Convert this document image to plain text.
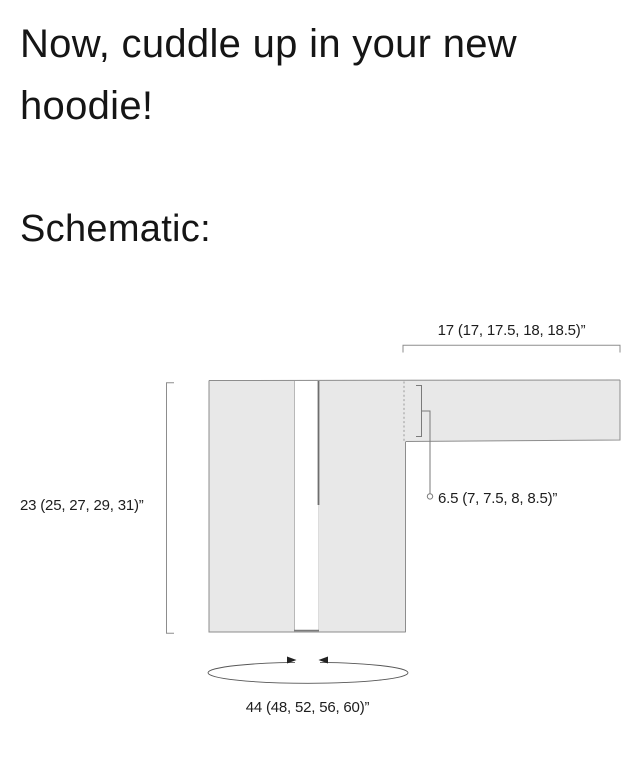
Now, cuddle up in your new
hoodie!
Schematic:
17 (17, 17.5, 18, 18.5)”
23 (25, 27, 29, 31)”	6.5 (7, 7.5, 8, 8.5)”
44 (48, 52, 56, 60)”
